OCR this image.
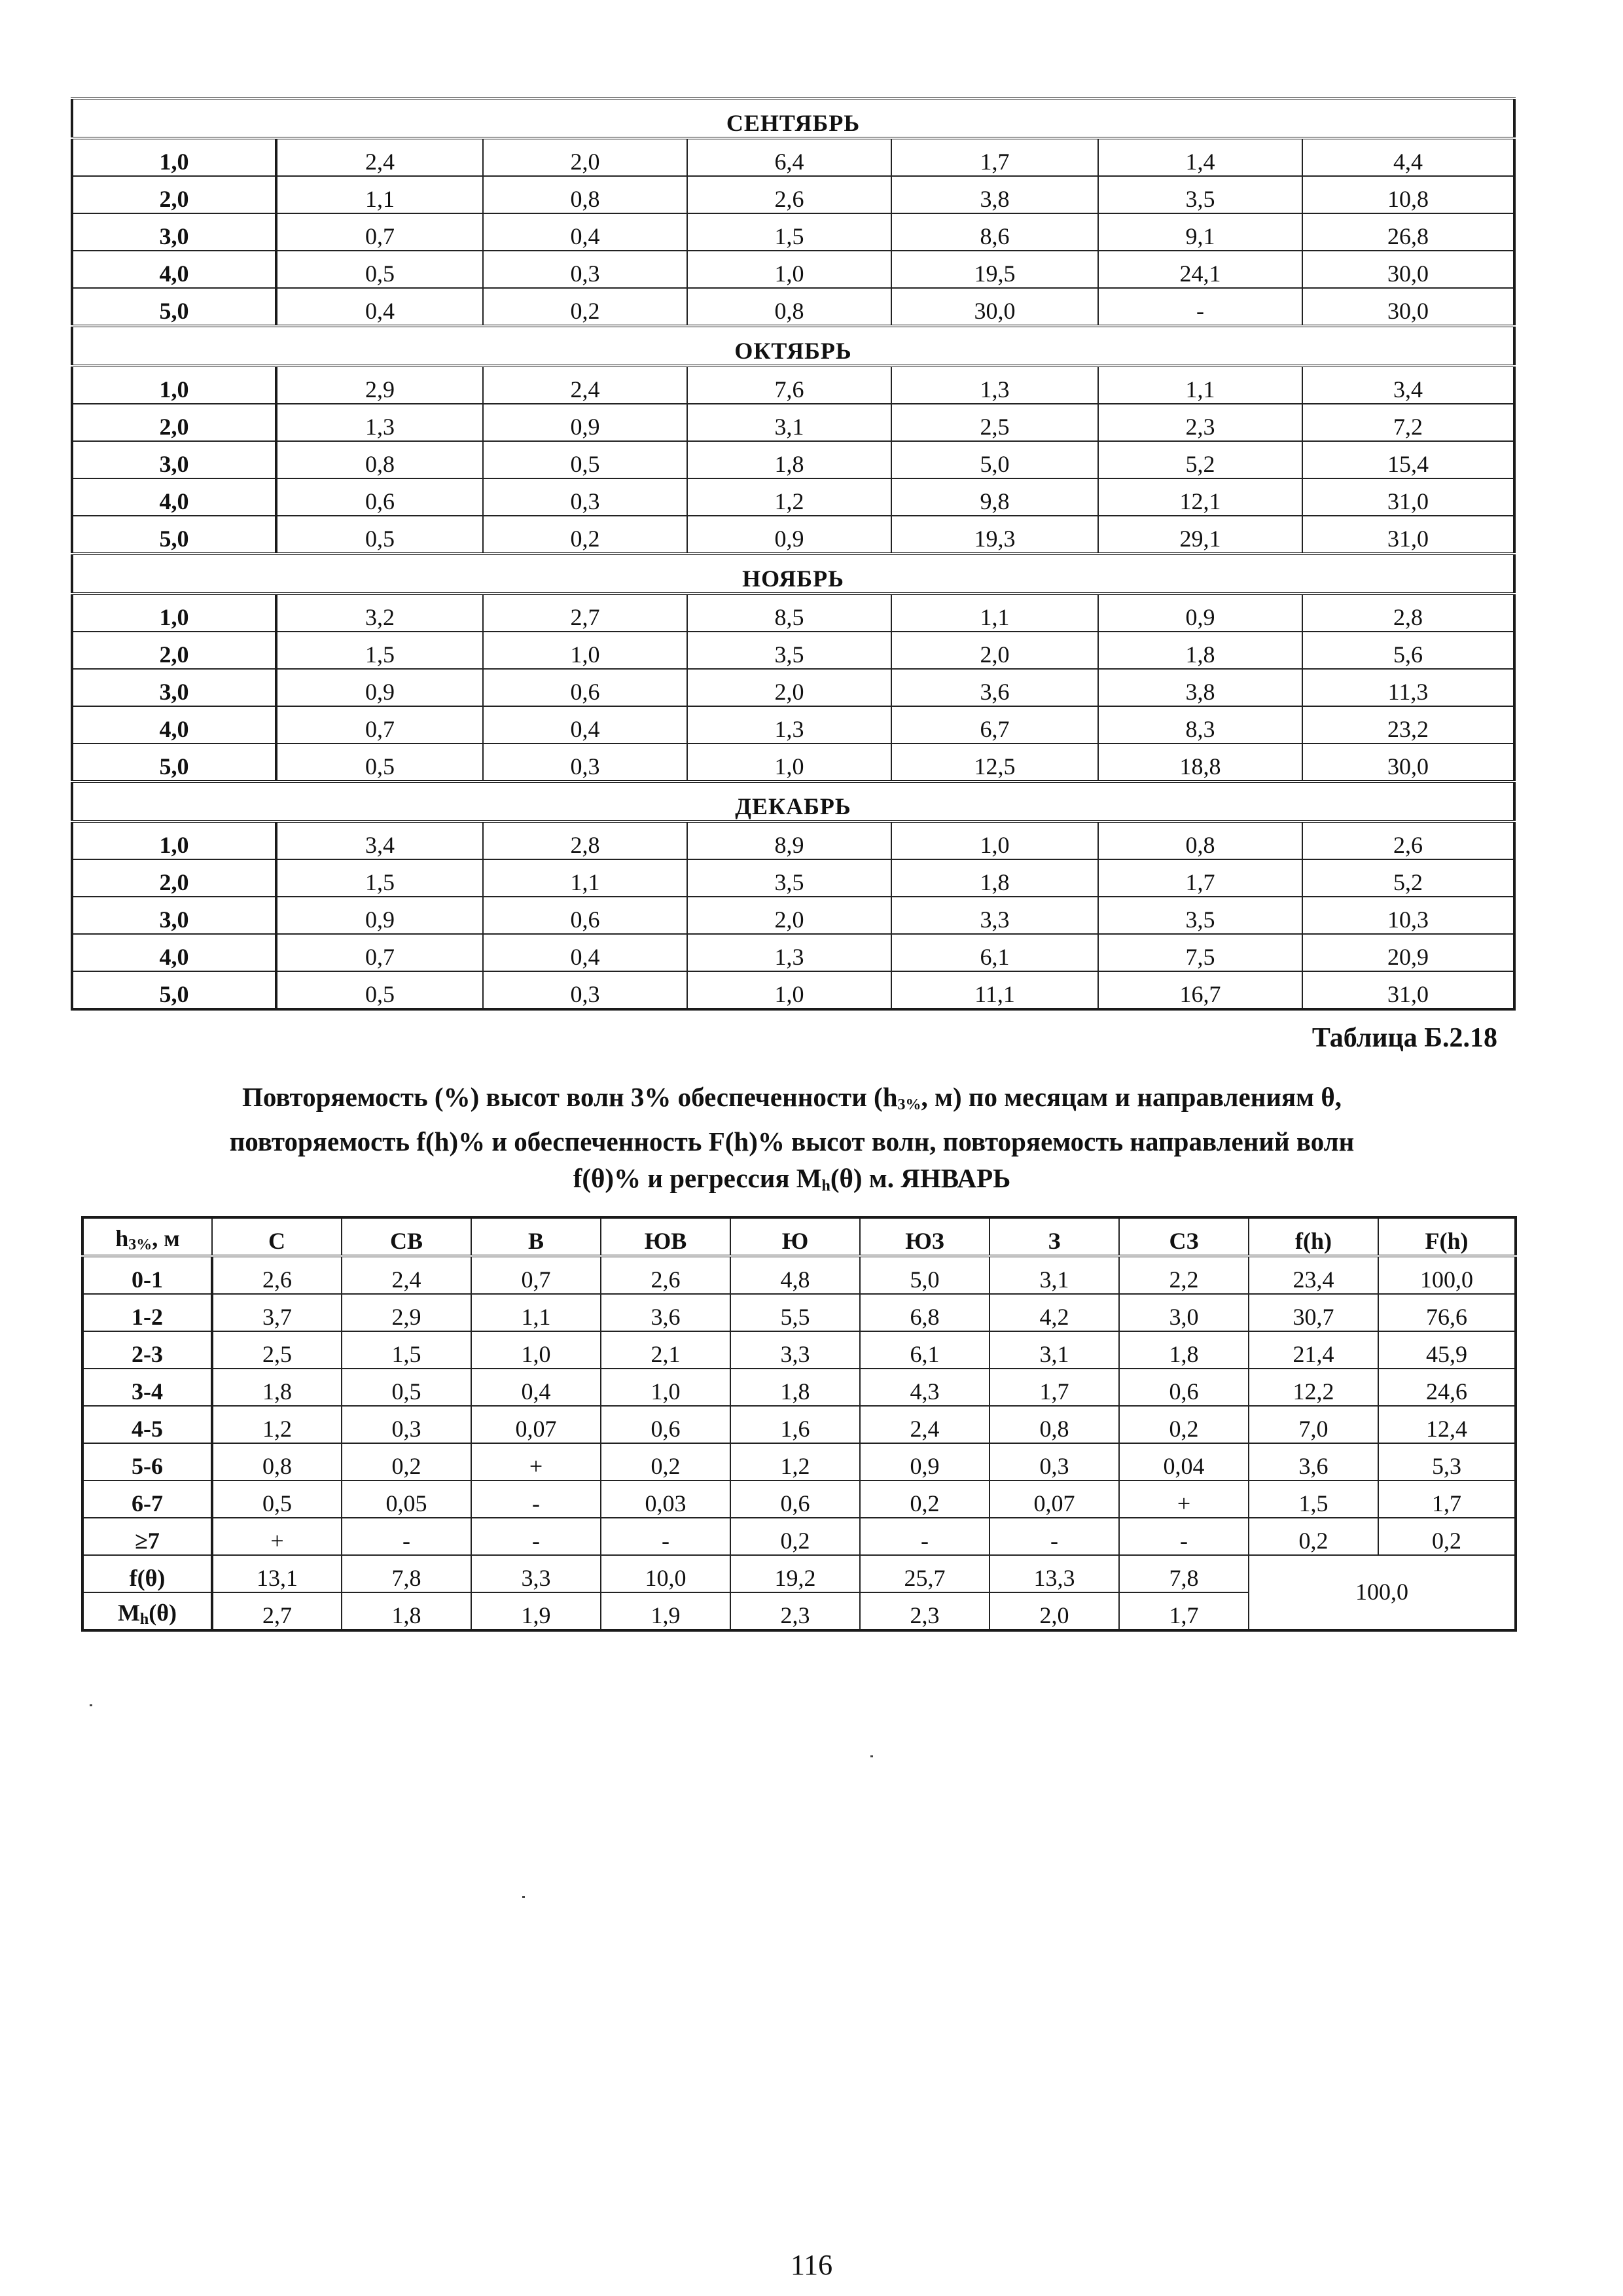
СЕНТЯБРЬ						
1,0	2,4	2,0	6,4	1,7	1,4	4,4
2,0	1,1	0,8	2,6	3,8	3,5	10,8
3,0	0,7	0,4	1,5	8,6	9,1	26,8
4,0	0,5	0,3	1,0	19,5	24,1	30,0
5,0	0,4	0,2	0,8	30,0	-	30,0
ОКТЯБРЬ						
1,0	2,9	2,4	7,6	1,3	1,1	3,4
2,0	1,3	0,9	3,1	2,5	2,3	7,2
3,0	0,8	0,5	1,8	5,0	5,2	15,4
4,0	0,6	0,3	1,2	9,8	12,1	31,0
5,0	0,5	0,2	0,9	19,3	29,1	31,0
НОЯБРЬ						
1,0	3,2	2,7	8,5	1,1	0,9	2,8
2,0	1,5	1,0	3,5	2,0	1,8	5,6
3,0	0,9	0,6	2,0	3,6	3,8	11,3
4,0	0,7	0,4	1,3	6,7	8,3	23,2
5,0	0,5	0,3	1,0	12,5	18,8	30,0
ДЕКАБРЬ						
1,0	3,4	2,8	8,9	1,0	0,8	2,6
2,0	1,5	1,1	3,5	1,8	1,7	5,2
3,0	0,9	0,6	2,0	3,3	3,5	10,3
4,0	0,7	0,4	1,3	6,1	7,5	20,9
5,0	0,5	0,3	1,0	11,1	16,7	31,0
Таблица Б.2.18
Повторяемость (%) высот волн 3% обеспеченности ($h_{3\%}$, м) по месяцам и направлениям θ,
повторяемость f(h)% и обеспеченность F(h)% высот волн, повторяемость направлений волн
f(θ)% и регрессия $M_h(\theta)$ м. ЯНВАРЬ
$h_{3\%}$, м	С	СВ	В	ЮВ	Ю	ЮЗ	З	СЗ	f(h)	F(h)
0-1	2,6	2,4	0,7	2,6	4,8	5,0	3,1	2,2	23,4	100,0
1-2	3,7	2,9	1,1	3,6	5,5	6,8	4,2	3,0	30,7	76,6
2-3	2,5	1,5	1,0	2,1	3,3	6,1	3,1	1,8	21,4	45,9
3-4	1,8	0,5	0,4	1,0	1,8	4,3	1,7	0,6	12,2	24,6
4-5	1,2	0,3	0,07	0,6	1,6	2,4	0,8	0,2	7,0	12,4
5-6	0,8	0,2	+	0,2	1,2	0,9	0,3	0,04	3,6	5,3
6-7	0,5	0,05	-	0,03	0,6	0,2	0,07	+	1,5	1,7
≥7	+	-	-	-	0,2	-	-	-	0,2	0,2
f(θ)	13,1	7,8	3,3	10,0	19,2	25,7	13,3	7,8	100,0	
$M_h(\theta)$	2,7	1,8	1,9	1,9	2,3	2,3	2,0	1,7		
116
